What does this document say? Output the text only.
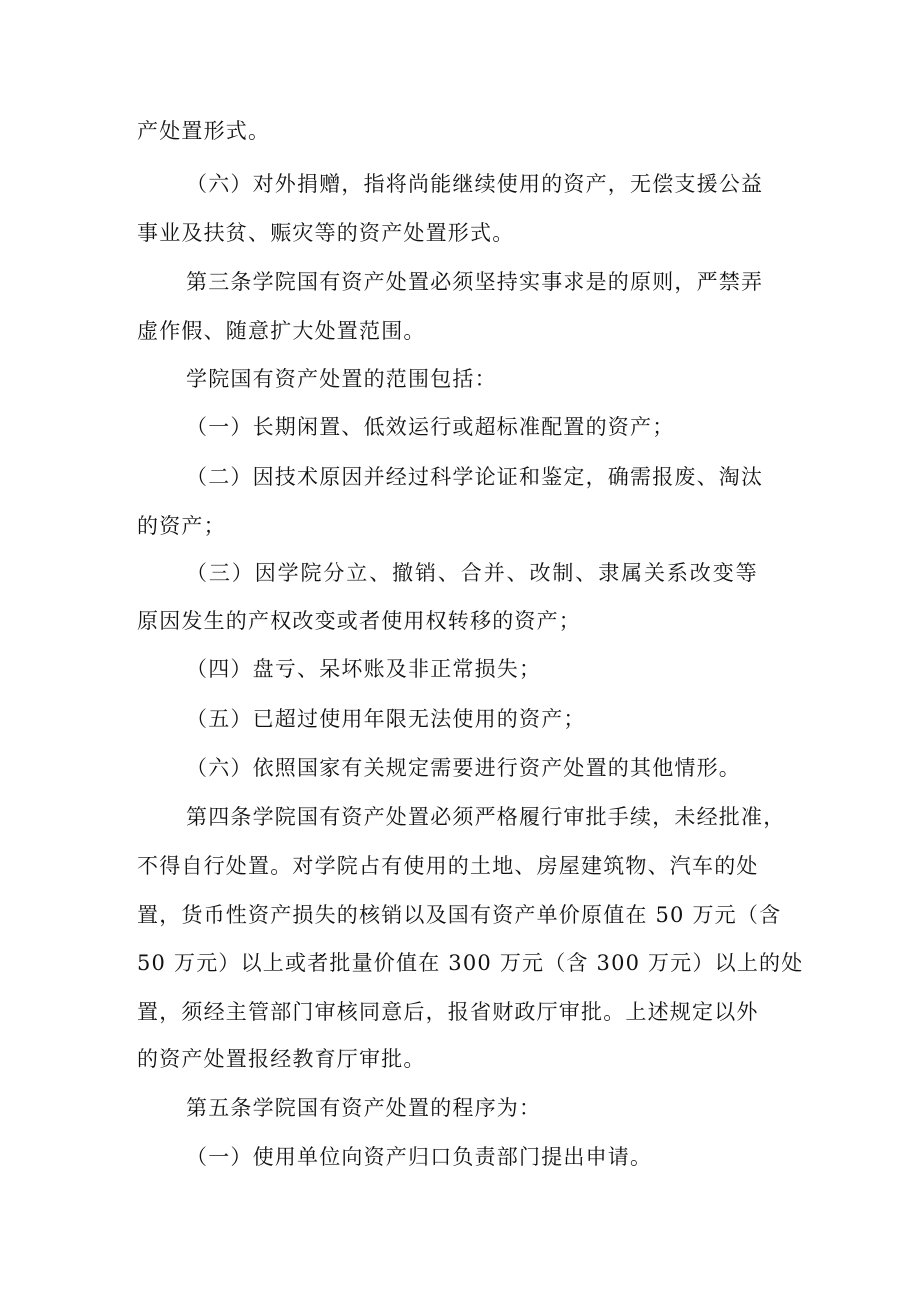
产处置形式。

（六）对外捐赠，指将尚能继续使用的资产，无偿支援公益

事业及扶贫、赈灾等的资产处置形式。

第三条学院国有资产处置必须坚持实事求是的原则，严禁弄

虚作假、随意扩大处置范围。

学院国有资产处置的范围包括：

（一）长期闲置、低效运行或超标准配置的资产；

（二）因技术原因并经过科学论证和鉴定，确需报废、淘汰

的资产；

（三）因学院分立、撤销、合并、改制、隶属关系改变等

原因发生的产权改变或者使用权转移的资产；

（四）盘亏、呆坏账及非正常损失；

（五）已超过使用年限无法使用的资产；

（六）依照国家有关规定需要进行资产处置的其他情形。

第四条学院国有资产处置必须严格履行审批手续，未经批准，

不得自行处置。对学院占有使用的土地、房屋建筑物、汽车的处

置，货币性资产损失的核销以及国有资产单价原值在 50 万元（含

50 万元）以上或者批量价值在 300 万元（含 300 万元）以上的处

置，须经主管部门审核同意后，报省财政厅审批。上述规定以外

的资产处置报经教育厅审批。

第五条学院国有资产处置的程序为：

（一）使用单位向资产归口负责部门提出申请。
